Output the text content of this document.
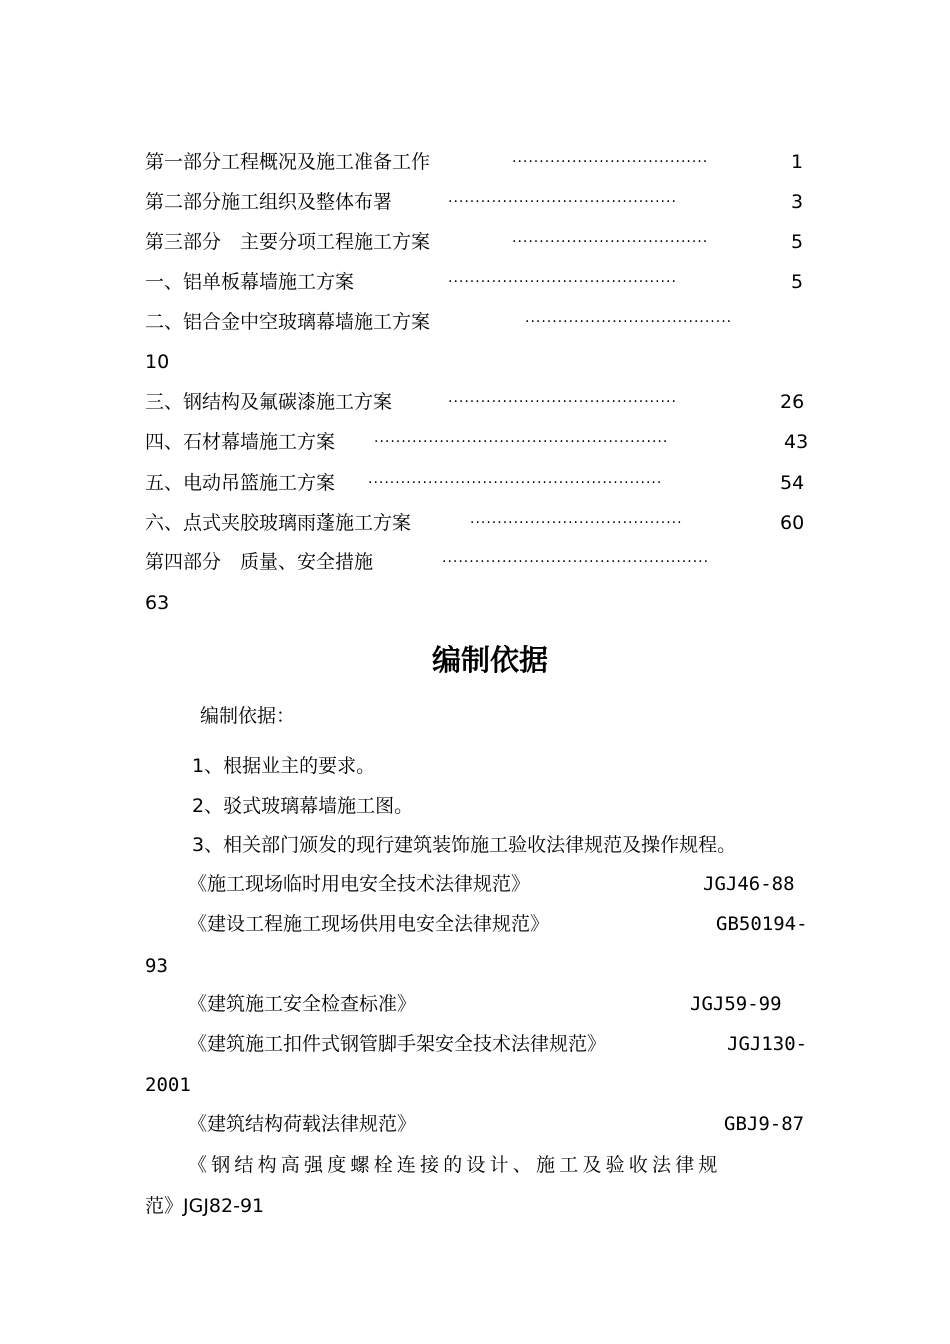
第一部分工程概况及施工准备工作	····································	1
第二部分施工组织及整体布署	··········································	3
第三部分　主要分项工程施工方案	····································	5
一、铝单板幕墙施工方案	··········································	5
二、铝合金中空玻璃幕墙施工方案	······································
10
三、钢结构及氟碳漆施工方案	··········································	26
四、石材幕墙施工方案	······················································	43
五、电动吊篮施工方案 ······················································	54
六、点式夹胶玻璃雨蓬施工方案	·······································	60
第四部分　质量、安全措施	·················································
63
编制依据
编制依据：
1、根据业主的要求。
2、驳式玻璃幕墙施工图。
3、相关部门颁发的现行建筑装饰施工验收法律规范及操作规程。
《施工现场临时用电安全技术法律规范》	JGJ46-88
《建设工程施工现场供用电安全法律规范》	GB50194-
93
《建筑施工安全检查标准》	JGJ59-99
《建筑施工扣件式钢管脚手架安全技术法律规范》	JGJ130-
2001
《建筑结构荷载法律规范》	GBJ9-87
《钢结构高强度螺栓连接的设计、施工及验收法律规
范》JGJ82-91
